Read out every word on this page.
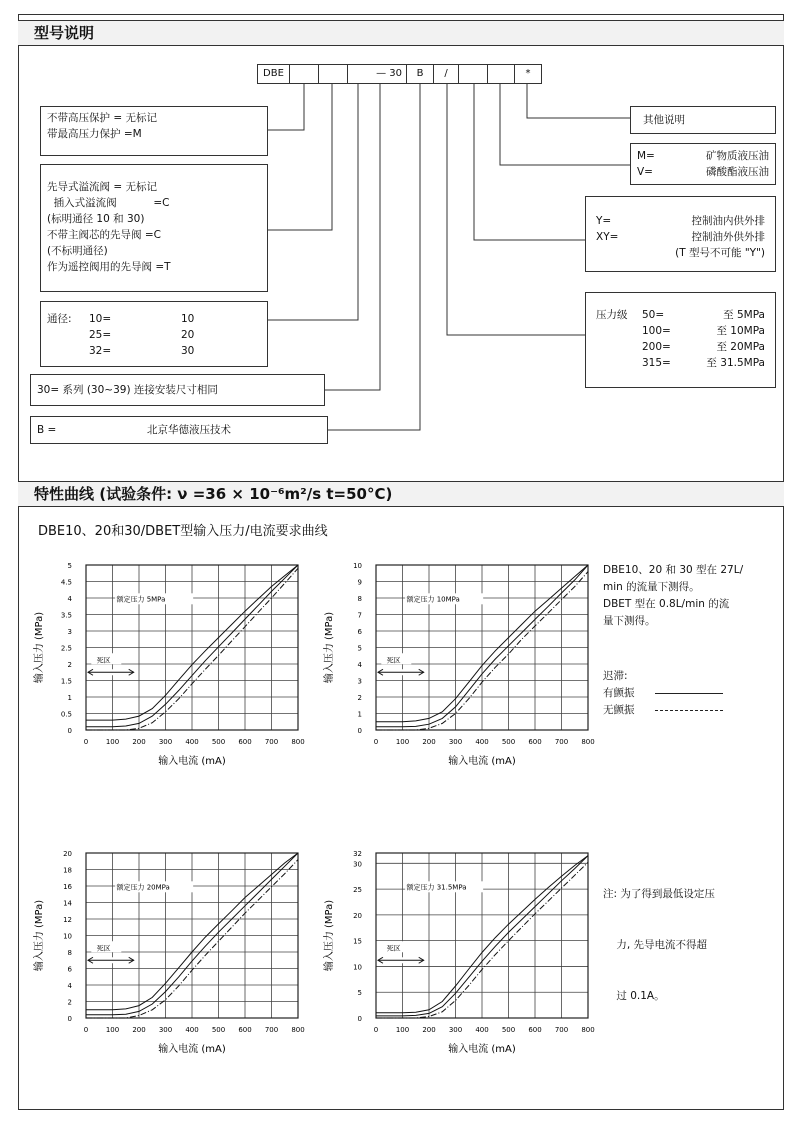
型号说明
DBE	— 30	B	/	*
不带高压保护 = 无标记
带最高压力保护 =M
先导式溢流阀 = 无标记
插入式溢流阀           =C
(标明通径 10 和 30)
不带主阀芯的先导阀 =C
(不标明通径)
作为遥控阀用的先导阀 =T
通径:	10=	10
25=	20
32=	30
30= 系列 (30~39) 连接安装尺寸相同
B =	北京华德液压技术
其他说明
M=	矿物质液压油
V=	磷酸酯液压油
Y=	控制油内供外排
XY=	控制油外供外排
(T 型号不可能 "Y")
压力级	50=	至 5MPa
100=	至 10MPa
200=	至 20MPa
315=	至 31.5MPa
特性曲线 (试验条件: ν =36 × 10⁻⁶m²/s t=50°C)
DBE10、20和30/DBET型输入压力/电流要求曲线
0	100 200 300 400 500 600 700 800
0
0.5
1
1.5
2
2.5
3
3.5
4
4.5
5
额定压力 5MPa
死区
输入电流 (mA)
输入压力 (MPa)
0	100 200 300 400 500 600 700 800
0
1
2
3
4
5
6
7
8
9
10
额定压力 10MPa
死区
输入电流 (mA)
输入压力 (MPa)
0	100 200 300 400 500 600 700 800
0
2
4
6
8
10
12
14
16
18
20
额定压力 20MPa
死区
输入电流 (mA)
输入压力 (MPa)
0	100 200 300 400 500 600 700 800
0
5
10
15
20
25
30
32
额定压力 31.5MPa
死区
输入电流 (mA)
输入压力 (MPa)
DBE10、20 和 30 型在 27L/
min 的流量下测得。
DBET 型在 0.8L/min 的流
量下测得。
迟滞:
有颤振
无颤振

注: 为了得到最低设定压

力, 先导电流不得超

过 0.1A。
